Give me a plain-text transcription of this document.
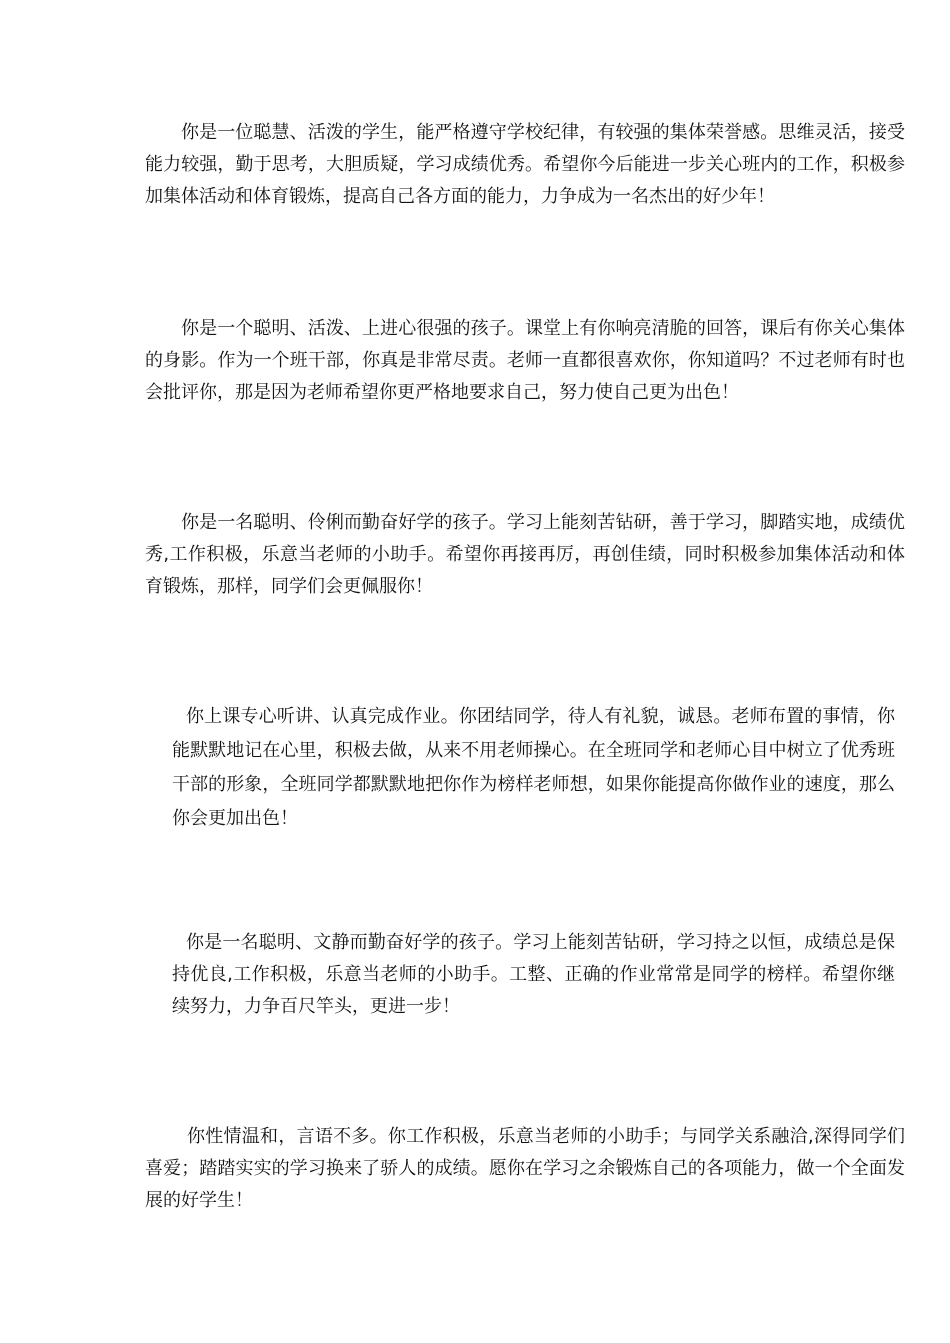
你是一位聪慧、活泼的学生，能严格遵守学校纪律，有较强的集体荣誉感。思维灵活，接受能力较强，勤于思考，大胆质疑，学习成绩优秀。希望你今后能进一步关心班内的工作，积极参加集体活动和体育锻炼，提高自己各方面的能力，力争成为一名杰出的好少年！

你是一个聪明、活泼、上进心很强的孩子。课堂上有你响亮清脆的回答，课后有你关心集体的身影。作为一个班干部，你真是非常尽责。老师一直都很喜欢你，你知道吗？不过老师有时也会批评你，那是因为老师希望你更严格地要求自己，努力使自己更为出色！

你是一名聪明、伶俐而勤奋好学的孩子。学习上能刻苦钻研，善于学习，脚踏实地，成绩优秀,工作积极，乐意当老师的小助手。希望你再接再厉，再创佳绩，同时积极参加集体活动和体育锻炼，那样，同学们会更佩服你！

你上课专心听讲、认真完成作业。你团结同学，待人有礼貌，诚恳。老师布置的事情，你能默默地记在心里，积极去做，从来不用老师操心。在全班同学和老师心目中树立了优秀班干部的形象，全班同学都默默地把你作为榜样老师想，如果你能提高你做作业的速度，那么你会更加出色！

你是一名聪明、文静而勤奋好学的孩子。学习上能刻苦钻研，学习持之以恒，成绩总是保持优良,工作积极，乐意当老师的小助手。工整、正确的作业常常是同学的榜样。希望你继续努力，力争百尺竿头，更进一步！

你性情温和，言语不多。你工作积极，乐意当老师的小助手；与同学关系融洽,深得同学们喜爱；踏踏实实的学习换来了骄人的成绩。愿你在学习之余锻炼自己的各项能力，做一个全面发展的好学生！
